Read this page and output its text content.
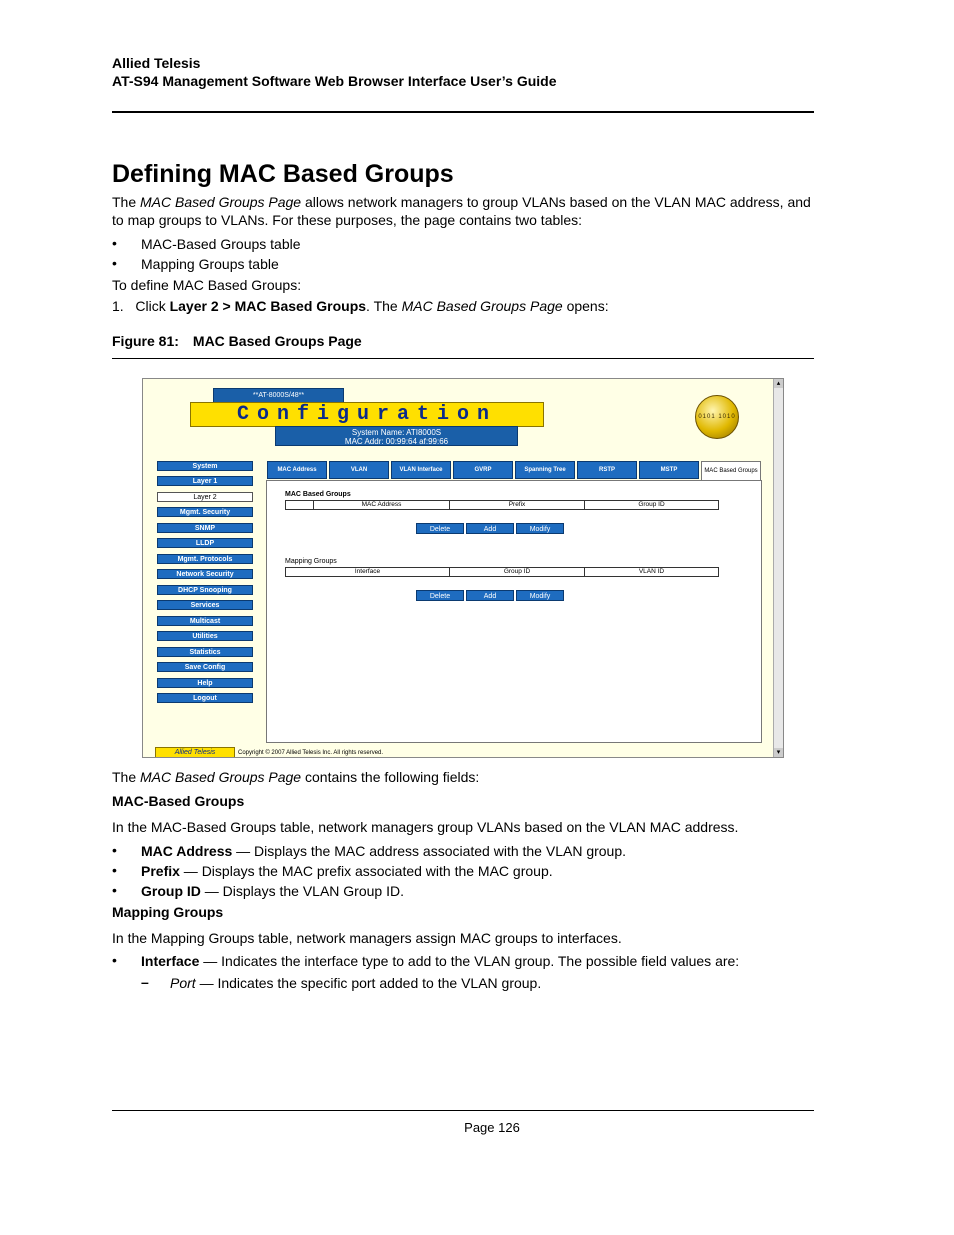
Allied Telesis
AT-S94 Management Software Web Browser Interface User’s Guide
Defining MAC Based Groups
The MAC Based Groups Page allows network managers to group VLANs based on the VLAN MAC address, and to map groups to VLANs. For these purposes, the page contains two tables:
• MAC-Based Groups table
• Mapping Groups table
To define MAC Based Groups:
1. Click Layer 2 > MAC Based Groups. The MAC Based Groups Page opens:
Figure 81: MAC Based Groups Page
**AT-8000S/48**
Configuration
System Name: ATI8000S
MAC Addr: 00:99:64 af:99:66
0101 1010
System
Layer 1
Layer 2
Mgmt. Security
SNMP
LLDP
Mgmt. Protocols
Network Security
DHCP Snooping
Services
Multicast
Utilities
Statistics
Save Config
Help
Logout
MAC Address	VLAN	VLAN Interface	GVRP	Spanning Tree	RSTP	MSTP	MAC Based Groups
MAC Based Groups
MAC Address	Prefix	Group ID
Delete	Add	Modify
Mapping Groups
Interface	Group ID	VLAN ID
Delete	Add	Modify
Allied Telesis	Copyright © 2007 Allied Telesis Inc. All rights reserved.
▴
▾
The MAC Based Groups Page contains the following fields:
MAC-Based Groups
In the MAC-Based Groups table, network managers group VLANs based on the VLAN MAC address.
• MAC Address — Displays the MAC address associated with the VLAN group.
• Prefix — Displays the MAC prefix associated with the MAC group.
• Group ID — Displays the VLAN Group ID.
Mapping Groups
In the Mapping Groups table, network managers assign MAC groups to interfaces.
• Interface — Indicates the interface type to add to the VLAN group. The possible field values are:
– Port — Indicates the specific port added to the VLAN group.
Page 126
